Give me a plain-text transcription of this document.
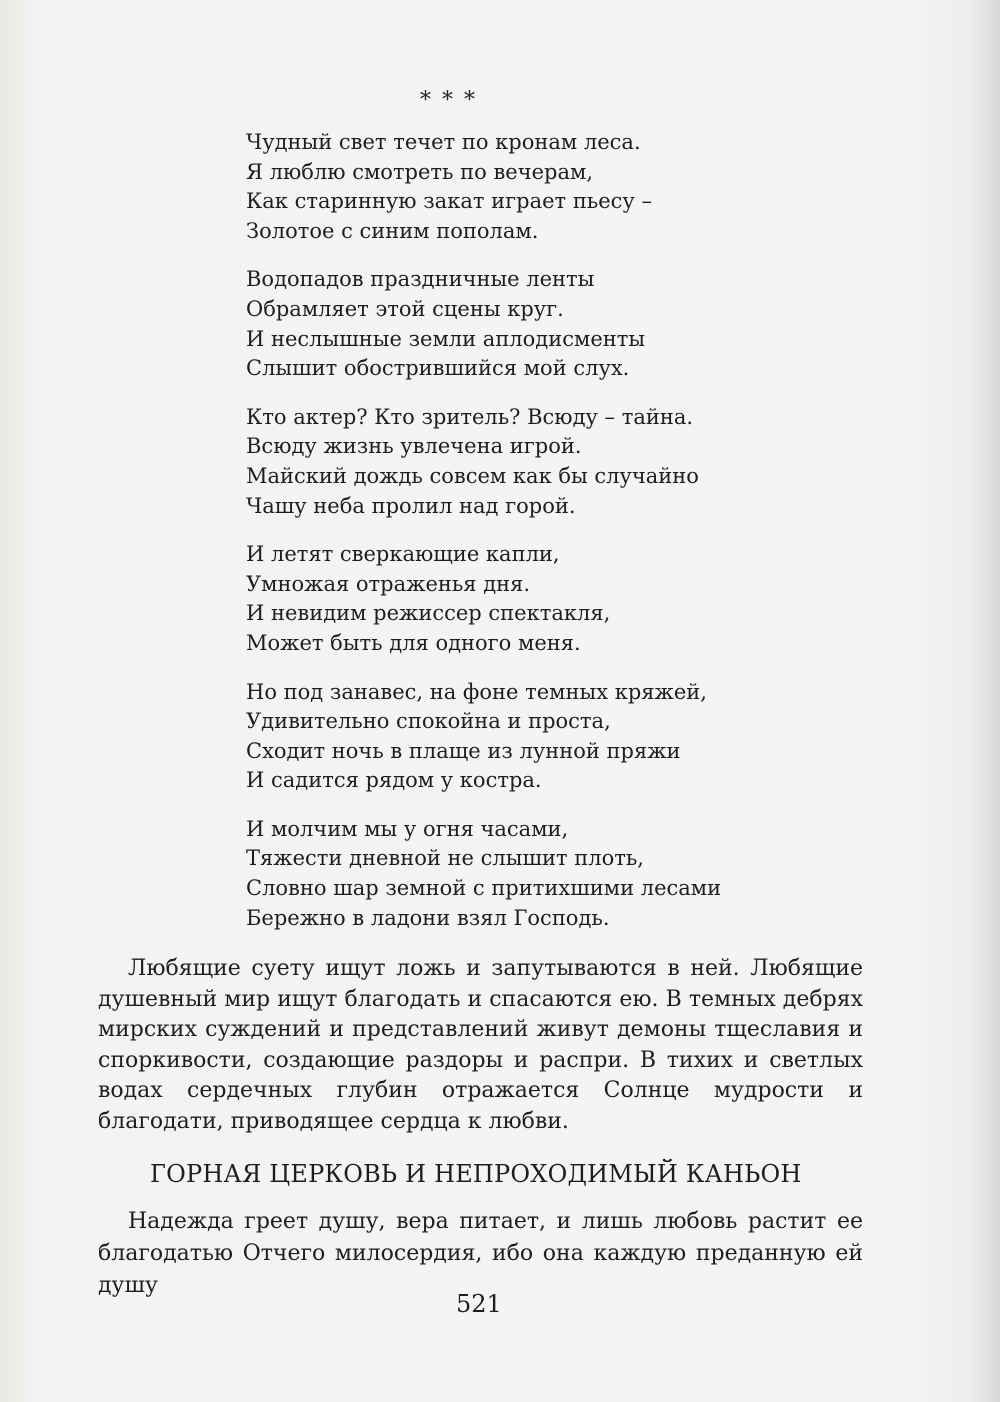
* * *
Чудный свет течет по кронам леса.
Я люблю смотреть по вечерам,
Как старинную закат играет пьесу –
Золотое с синим пополам.
Водопадов праздничные ленты
Обрамляет этой сцены круг.
И неслышные земли аплодисменты
Слышит обострившийся мой слух.
Кто актер? Кто зритель? Всюду – тайна.
Всюду жизнь увлечена игрой.
Майский дождь совсем как бы случайно
Чашу неба пролил над горой.
И летят сверкающие капли,
Умножая отраженья дня.
И невидим режиссер спектакля,
Может быть для одного меня.
Но под занавес, на фоне темных кряжей,
Удивительно спокойна и проста,
Сходит ночь в плаще из лунной пряжи
И садится рядом у костра.
И молчим мы у огня часами,
Тяжести дневной не слышит плоть,
Словно шар земной с притихшими лесами
Бережно в ладони взял Господь.

Любящие суету ищут ложь и запутываются в ней. Любящие душевный мир ищут благодать и спасаются ею. В темных дебрях мирских суждений и представлений живут демоны тщеславия и споркивости, создающие раздоры и распри. В тихих и светлых водах сердечных глубин отражается Солнце мудрости и благодати, приводящее сердца к любви.

ГОРНАЯ ЦЕРКОВЬ И НЕПРОХОДИМЫЙ КАНЬОН

Надежда греет душу, вера питает, и лишь любовь растит ее благодатью Отчего милосердия, ибо она каждую преданную ей душу

521
